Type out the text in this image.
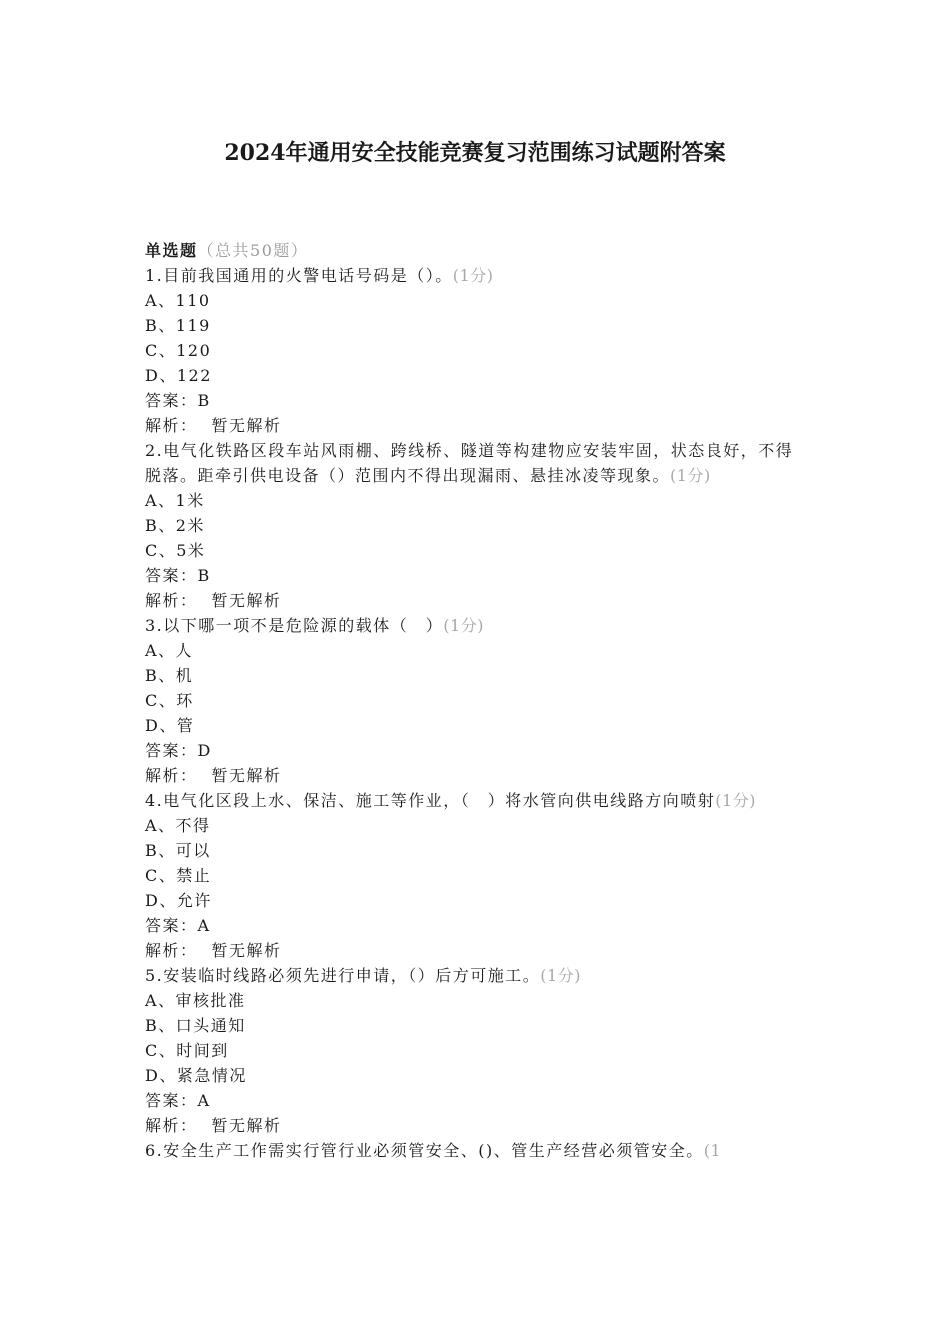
2024年通用安全技能竞赛复习范围练习试题附答案

单选题（总共50题）

1.目前我国通用的火警电话号码是（）。(1分)

A、110

B、119

C、120

D、122

答案：B

解析： 暂无解析

2.电气化铁路区段车站风雨棚、跨线桥、隧道等构建物应安装牢固，状态良好，不得脱落。距牵引供电设备（）范围内不得出现漏雨、悬挂冰凌等现象。(1分)

A、1米

B、2米

C、5米

答案：B

解析： 暂无解析

3.以下哪一项不是危险源的载体（　）(1分)

A、人

B、机

C、环

D、管

答案：D

解析： 暂无解析

4.电气化区段上水、保洁、施工等作业，（　）将水管向供电线路方向喷射(1分)

A、不得

B、可以

C、禁止

D、允许

答案：A

解析： 暂无解析

5.安装临时线路必须先进行申请，（）后方可施工。(1分)

A、审核批准

B、口头通知

C、时间到

D、紧急情况

答案：A

解析： 暂无解析

6.安全生产工作需实行管行业必须管安全、()、管生产经营必须管安全。(1
